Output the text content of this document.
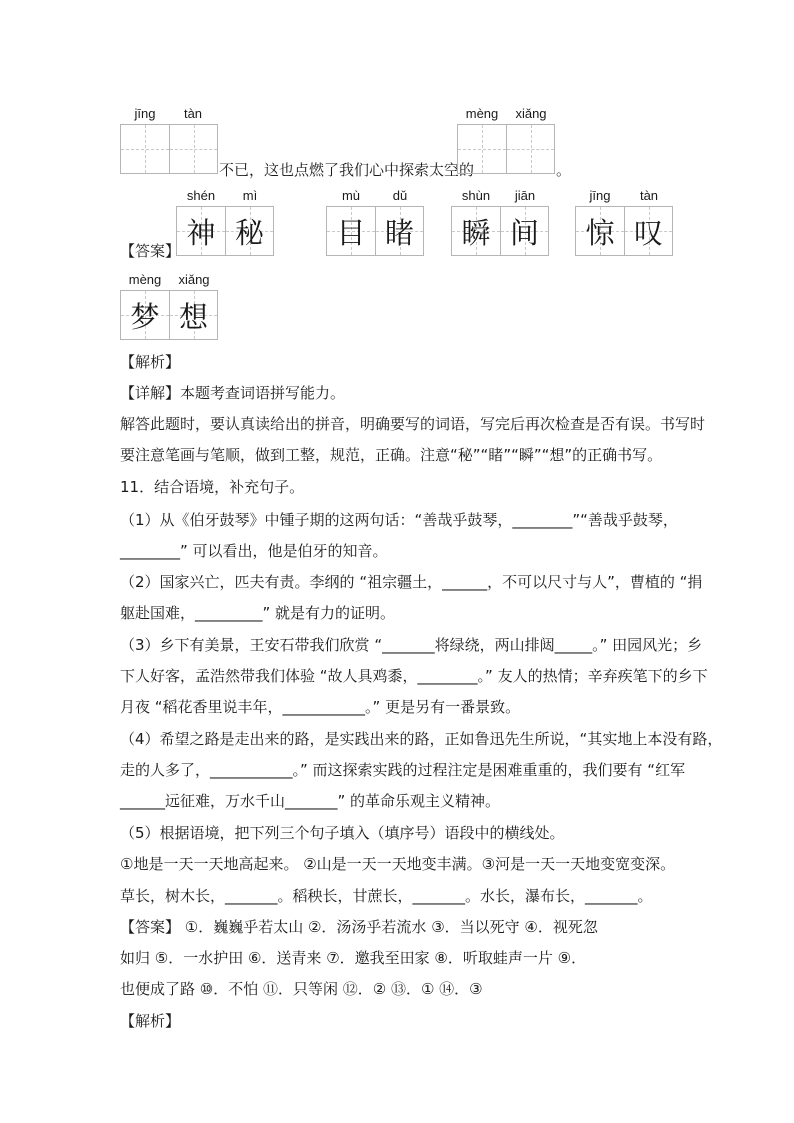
jīng	tàn
不已，这也点燃了我们心中探索太空的
mèng	xiǎng
。
【答案】
shén	mì
神 秘
mù	dǔ
目 睹
shùn	jiān
瞬 间
jīng	tàn
惊 叹
mèng	xiǎng
梦 想
【解析】
【详解】本题考查词语拼写能力。
解答此题时，要认真读给出的拼音，明确要写的词语，写完后再次检查是否有误。书写时
要注意笔画与笔顺，做到工整，规范，正确。注意“秘”“睹”“瞬”“想”的正确书写。
11．结合语境，补充句子。
（1）从《伯牙鼓琴》中锺子期的这两句话：“善哉乎鼓琴，________”“善哉乎鼓琴，
________” 可以看出，他是伯牙的知音。
（2）国家兴亡，匹夫有责。李纲的 “祖宗疆土，______，不可以尺寸与人”，曹植的 “捐
躯赴国难，_________” 就是有力的证明。
（3）乡下有美景，王安石带我们欣赏 “_______将绿绕，两山排闼_____。” 田园风光；乡
下人好客，孟浩然带我们体验 “故人具鸡黍，________。” 友人的热情；辛弃疾笔下的乡下
月夜 “稻花香里说丰年，___________。” 更是另有一番景致。
（4）希望之路是走出来的路，是实践出来的路，正如鲁迅先生所说，“其实地上本没有路，
走的人多了，___________。” 而这探索实践的过程注定是困难重重的，我们要有 “红军
______远征难，万水千山_______” 的革命乐观主义精神。
（5）根据语境，把下列三个句子填入（填序号）语段中的横线处。
①地是一天一天地高起来。 ②山是一天一天地变丰满。③河是一天一天地变宽变深。
草长，树木长，_______。稻秧长，甘蔗长，_______。水长，瀑布长，_______。
【答案】 ①．巍巍乎若太山 ②．汤汤乎若流水 ③．当以死守 ④．视死忽
如归 ⑤．一水护田 ⑥．送青来 ⑦．邀我至田家 ⑧．听取蛙声一片 ⑨．
也便成了路 ⑩．不怕 ⑪．只等闲 ⑫．② ⑬．① ⑭．③
【解析】
